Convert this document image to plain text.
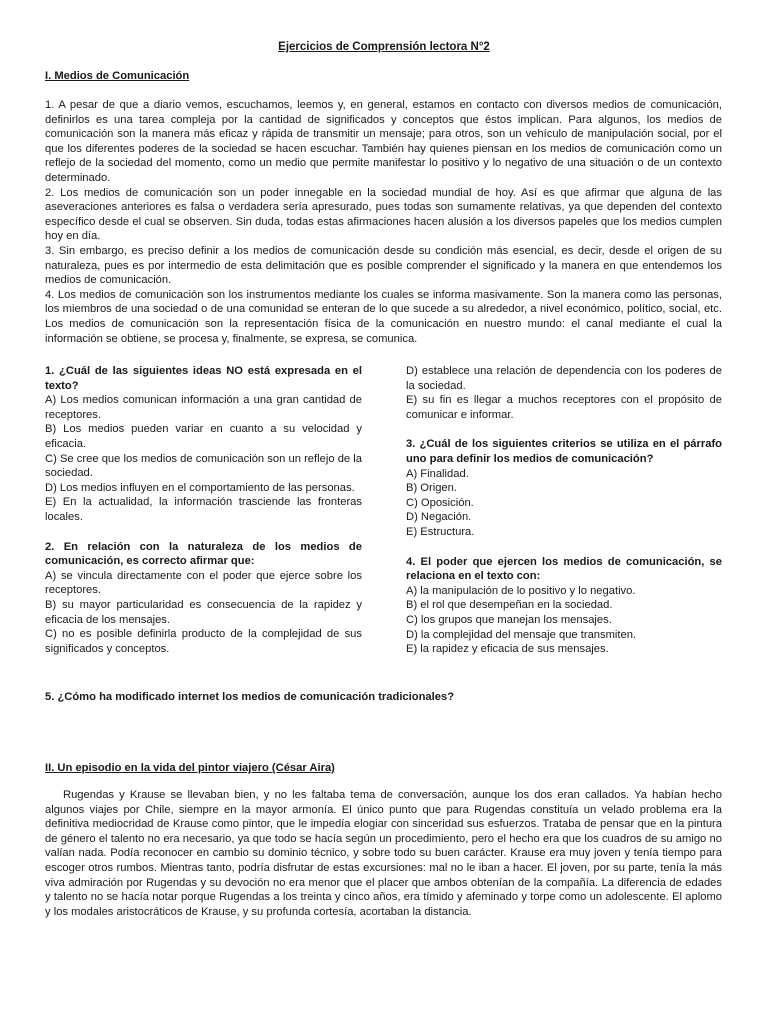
Ejercicios de Comprensión lectora N°2
I. Medios de Comunicación

1. A pesar de que a diario vemos, escuchamos, leemos y, en general, estamos en contacto con diversos medios de comunicación, definirlos es una tarea compleja por la cantidad de significados y conceptos que éstos implican. Para algunos, los medios de comunicación son la manera más eficaz y rápida de transmitir un mensaje; para otros, son un vehículo de manipulación social, por el que los diferentes poderes de la sociedad se hacen escuchar. También hay quienes piensan en los medios de comunicación como un reflejo de la sociedad del momento, como un medio que permite manifestar lo positivo y lo negativo de una situación o de un contexto determinado.

2. Los medios de comunicación son un poder innegable en la sociedad mundial de hoy. Así es que afirmar que alguna de las aseveraciones anteriores es falsa o verdadera sería apresurado, pues todas son sumamente relativas, ya que dependen del contexto específico desde el cual se observen. Sin duda, todas estas afirmaciones hacen alusión a los diversos papeles que los medios cumplen hoy en día.

3. Sin embargo, es preciso definir a los medios de comunicación desde su condición más esencial, es decir, desde el origen de su naturaleza, pues es por intermedio de esta delimitación que es posible comprender el significado y la manera en que entendemos los medios de comunicación.

4. Los medios de comunicación son los instrumentos mediante los cuales se informa masivamente. Son la manera como las personas, los miembros de una sociedad o de una comunidad se enteran de lo que sucede a su alrededor, a nivel económico, político, social, etc. Los medios de comunicación son la representación física de la comunicación en nuestro mundo: el canal mediante el cual la información se obtiene, se procesa y, finalmente, se expresa, se comunica.

1. ¿Cuál de las siguientes ideas NO está expresada en el texto?

A) Los medios comunican información a una gran cantidad de receptores.

B) Los medios pueden variar en cuanto a su velocidad y eficacia.

C) Se cree que los medios de comunicación son un reflejo de la sociedad.

D) Los medios influyen en el comportamiento de las personas.

E) En la actualidad, la información trasciende las fronteras locales.

2. En relación con la naturaleza de los medios de comunicación, es correcto afirmar que:

A) se vincula directamente con el poder que ejerce sobre los receptores.

B) su mayor particularidad es consecuencia de la rapidez y eficacia de los mensajes.

C) no es posible definirla producto de la complejidad de sus significados y conceptos.

D) establece una relación de dependencia con los poderes de la sociedad.

E) su fin es llegar a muchos receptores con el propósito de comunicar e informar.

3. ¿Cuál de los siguientes criterios se utiliza en el párrafo uno para definir los medios de comunicación?

A) Finalidad.

B) Origen.

C) Oposición.

D) Negación.

E) Estructura.

4. El poder que ejercen los medios de comunicación, se relaciona en el texto con:

A) la manipulación de lo positivo y lo negativo.

B) el rol que desempeñan en la sociedad.

C) los grupos que manejan los mensajes.

D) la complejidad del mensaje que transmiten.

E) la rapidez y eficacia de sus mensajes.

5. ¿Cómo ha modificado internet los medios de comunicación tradicionales?
II. Un episodio en la vida del pintor viajero (César Aira)

Rugendas y Krause se llevaban bien, y no les faltaba tema de conversación, aunque los dos eran callados. Ya habían hecho algunos viajes por Chile, siempre en la mayor armonía. El único punto que para Rugendas constituía un velado problema era la definitiva mediocridad de Krause como pintor, que le impedía elogiar con sinceridad sus esfuerzos. Trataba de pensar que en la pintura de género el talento no era necesario, ya que todo se hacía según un procedimiento, pero el hecho era que los cuadros de su amigo no valían nada. Podía reconocer en cambio su dominio técnico, y sobre todo su buen carácter. Krause era muy joven y tenía tiempo para escoger otros rumbos. Mientras tanto, podría disfrutar de estas excursiones: mal no le iban a hacer. El joven, por su parte, tenía la más viva admiración por Rugendas y su devoción no era menor que el placer que ambos obtenían de la compañía. La diferencia de edades y talento no se hacía notar porque Rugendas a los treinta y cinco años, era tímido y afeminado y torpe como un adolescente. El aplomo y los modales aristocráticos de Krause, y su profunda cortesía, acortaban la distancia.
